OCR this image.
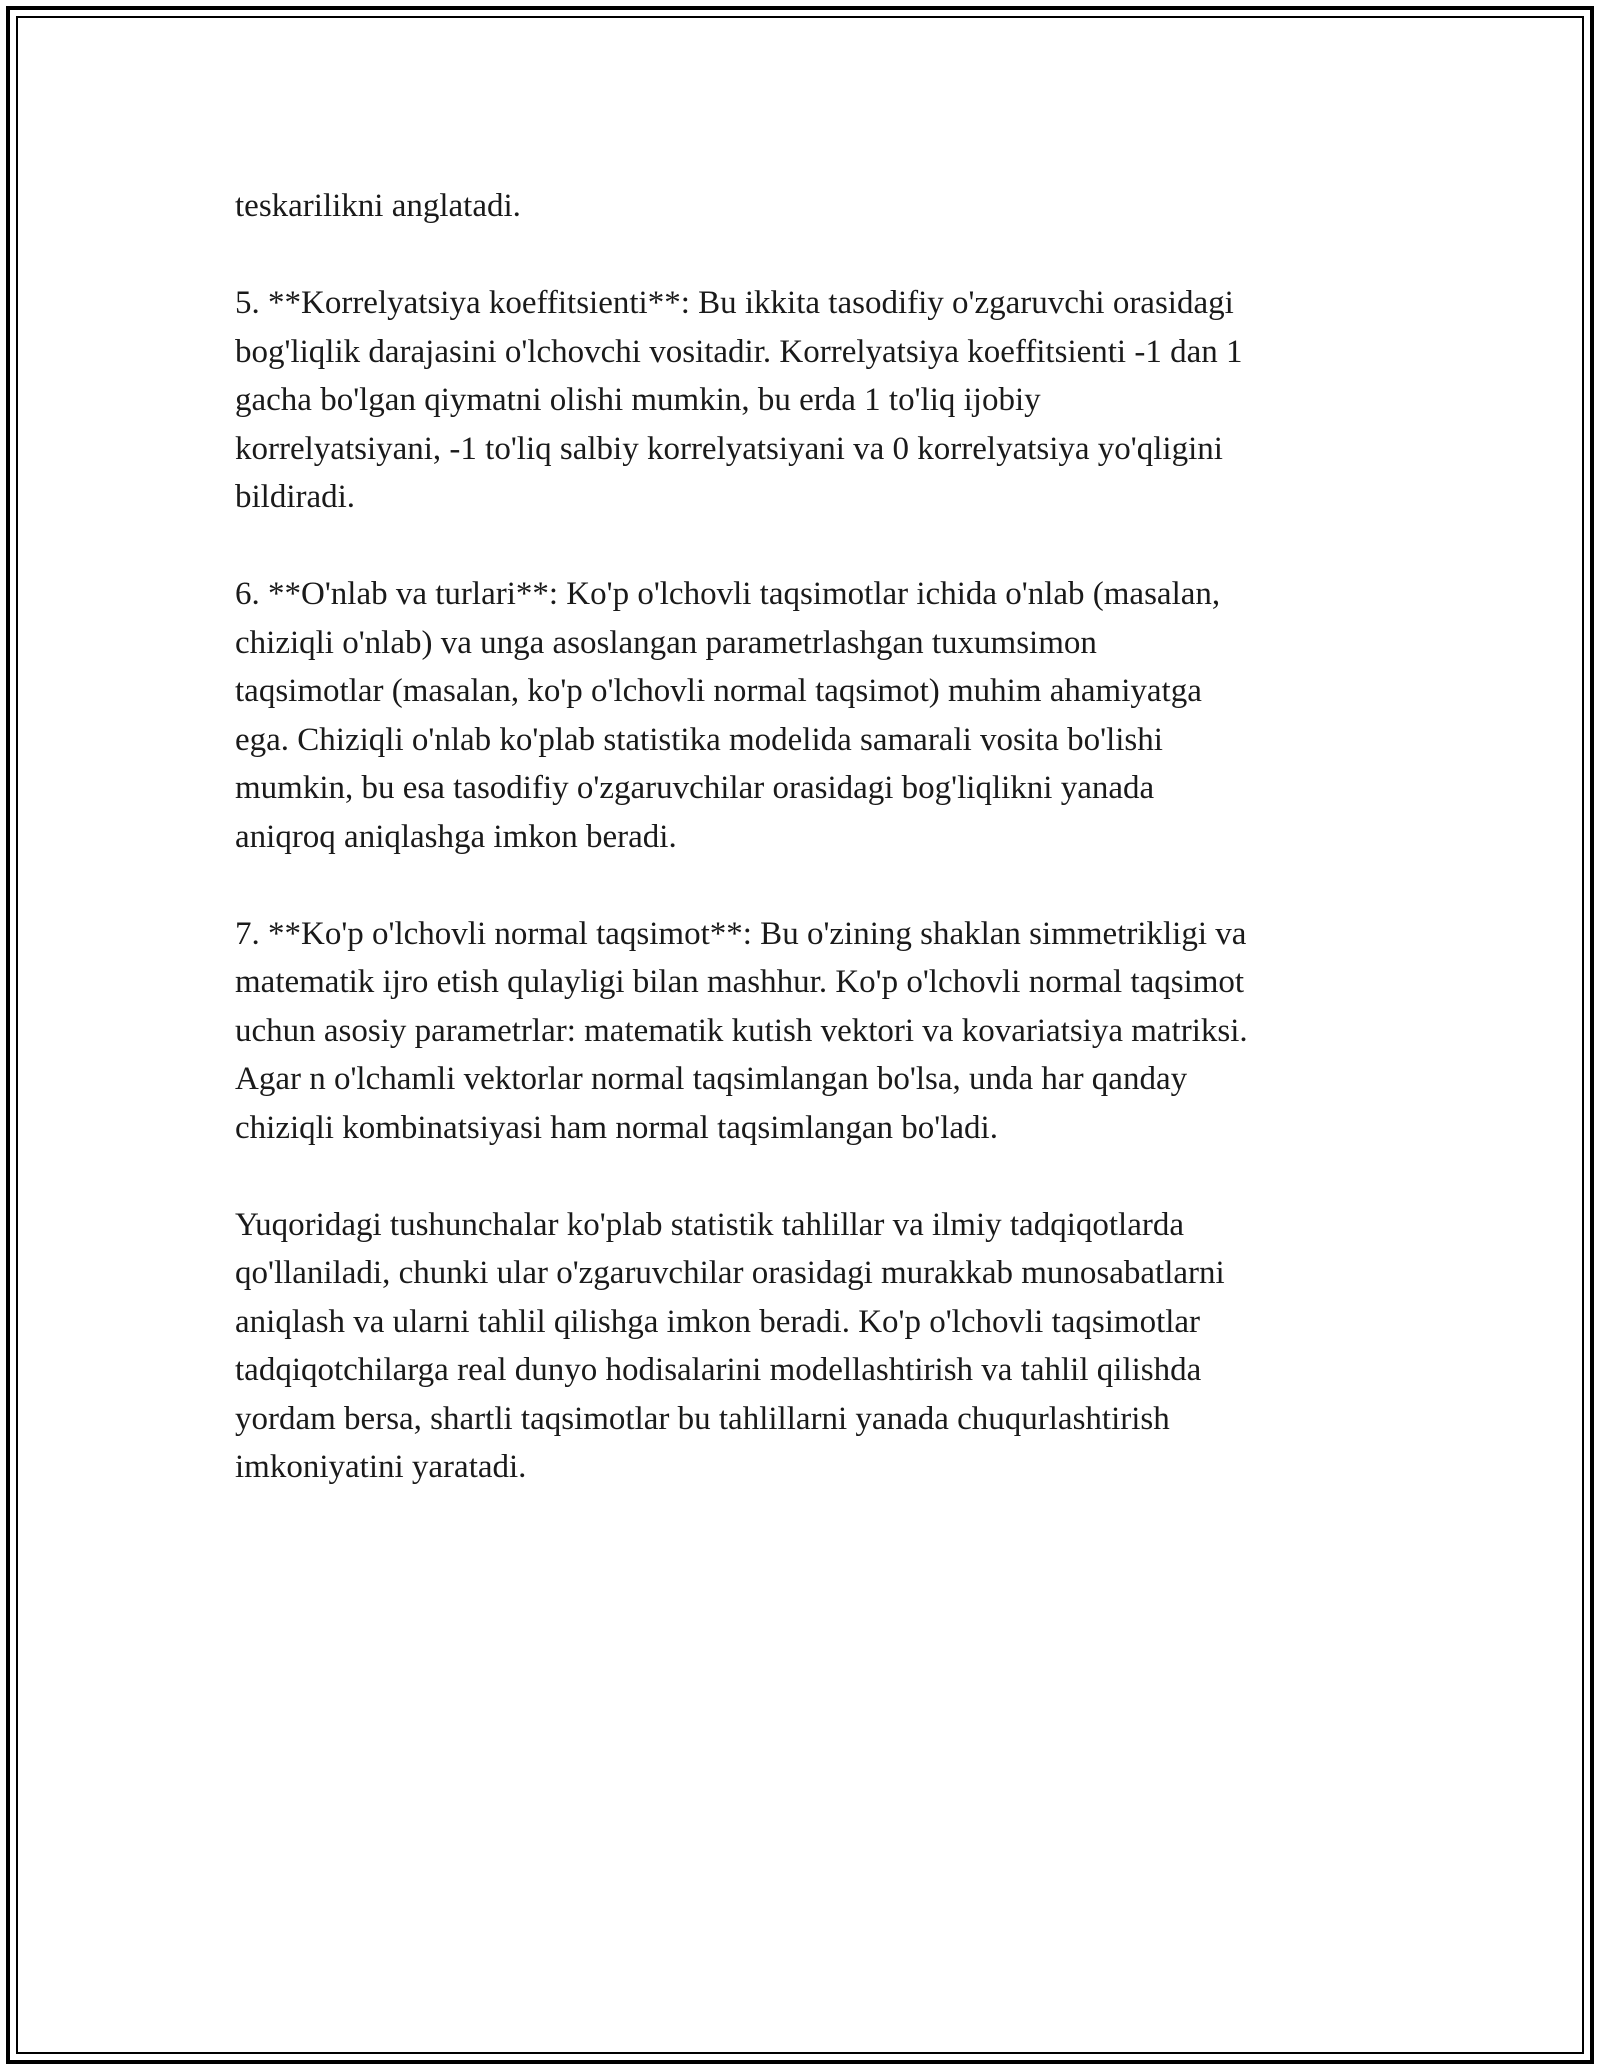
teskarilikni anglatadi.

5. **Korrelyatsiya koeffitsienti**: Bu ikkita tasodifiy o'zgaruvchi orasidagi
bog'liqlik darajasini o'lchovchi vositadir. Korrelyatsiya koeffitsienti -1 dan 1
gacha bo'lgan qiymatni olishi mumkin, bu erda 1 to'liq ijobiy
korrelyatsiyani, -1 to'liq salbiy korrelyatsiyani va 0 korrelyatsiya yo'qligini
bildiradi.

6. **O'nlab va turlari**: Ko'p o'lchovli taqsimotlar ichida o'nlab (masalan,
chiziqli o'nlab) va unga asoslangan parametrlashgan tuxumsimon
taqsimotlar (masalan, ko'p o'lchovli normal taqsimot) muhim ahamiyatga
ega. Chiziqli o'nlab ko'plab statistika modelida samarali vosita bo'lishi
mumkin, bu esa tasodifiy o'zgaruvchilar orasidagi bog'liqlikni yanada
aniqroq aniqlashga imkon beradi.

7. **Ko'p o'lchovli normal taqsimot**: Bu o'zining shaklan simmetrikligi va
matematik ijro etish qulayligi bilan mashhur. Ko'p o'lchovli normal taqsimot
uchun asosiy parametrlar: matematik kutish vektori va kovariatsiya matriksi.
Agar n o'lchamli vektorlar normal taqsimlangan bo'lsa, unda har qanday
chiziqli kombinatsiyasi ham normal taqsimlangan bo'ladi.

Yuqoridagi tushunchalar ko'plab statistik tahlillar va ilmiy tadqiqotlarda
qo'llaniladi, chunki ular o'zgaruvchilar orasidagi murakkab munosabatlarni
aniqlash va ularni tahlil qilishga imkon beradi. Ko'p o'lchovli taqsimotlar
tadqiqotchilarga real dunyo hodisalarini modellashtirish va tahlil qilishda
yordam bersa, shartli taqsimotlar bu tahlillarni yanada chuqurlashtirish
imkoniyatini yaratadi.
